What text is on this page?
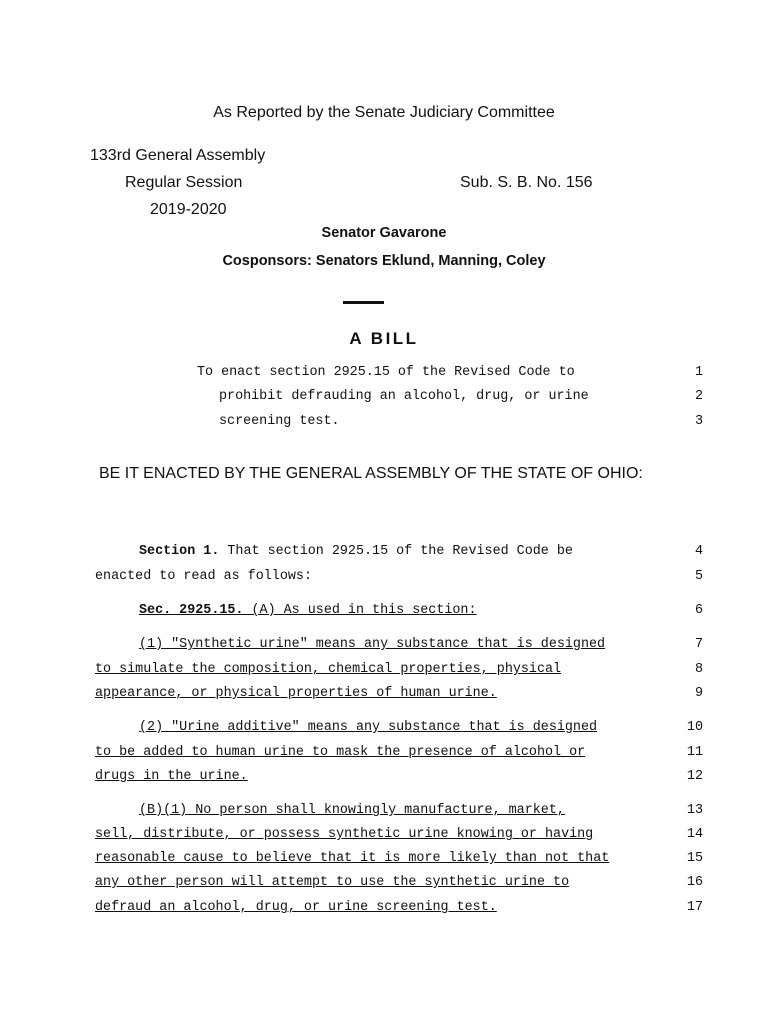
As Reported by the Senate Judiciary Committee
133rd General Assembly
Regular Session	Sub. S. B. No. 156
2019-2020
Senator Gavarone
Cosponsors: Senators Eklund, Manning, Coley
A BILL
To enact section 2925.15 of the Revised Code to	1
prohibit defrauding an alcohol, drug, or urine	2
screening test.	3
BE IT ENACTED BY THE GENERAL ASSEMBLY OF THE STATE OF OHIO:
Section 1. That section 2925.15 of the Revised Code be	4
enacted to read as follows:	5
Sec. 2925.15. (A) As used in this section:	6
(1) "Synthetic urine" means any substance that is designed	7
to simulate the composition, chemical properties, physical	8
appearance, or physical properties of human urine.	9
(2) "Urine additive" means any substance that is designed	10
to be added to human urine to mask the presence of alcohol or	11
drugs in the urine.	12
(B)(1) No person shall knowingly manufacture, market,	13
sell, distribute, or possess synthetic urine knowing or having	14
reasonable cause to believe that it is more likely than not that	15
any other person will attempt to use the synthetic urine to	16
defraud an alcohol, drug, or urine screening test.	17
